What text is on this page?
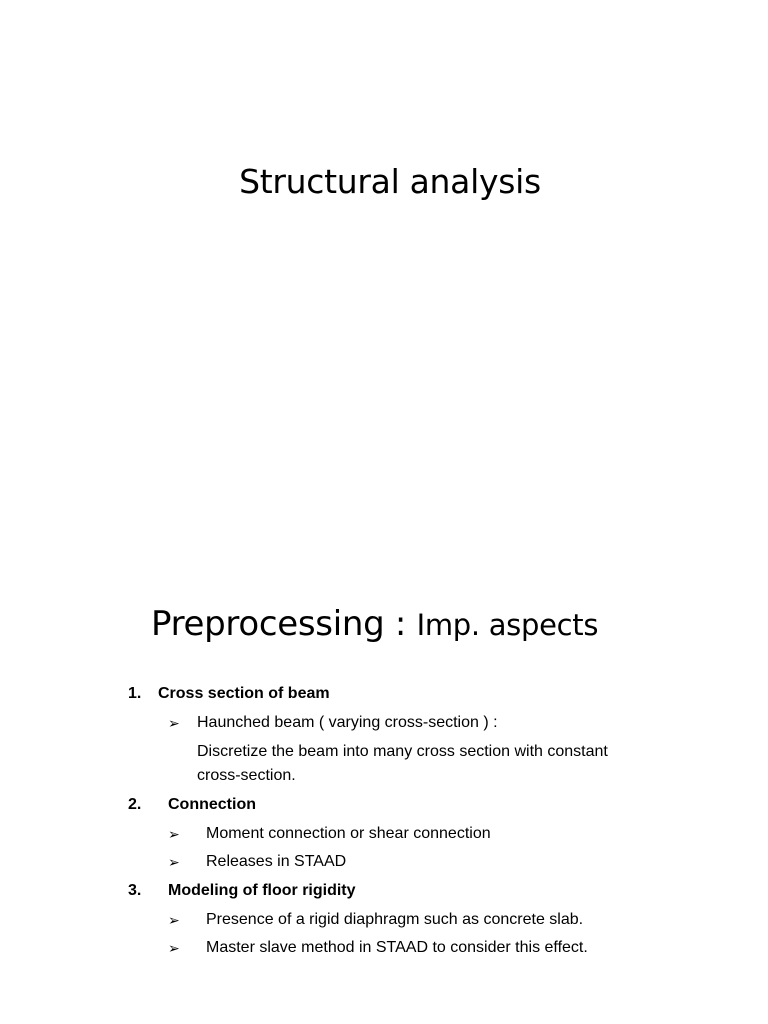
Structural analysis
Preprocessing : Imp. aspects
1. Cross section of beam
➢ Haunched beam ( varying cross-section ) :
Discretize the beam into many cross section with constant
cross-section.
2. Connection
➢ Moment connection or shear connection
➢ Releases in STAAD
3. Modeling of floor rigidity
➢ Presence of a rigid diaphragm such as concrete slab.
➢ Master slave method in STAAD to consider this effect.
